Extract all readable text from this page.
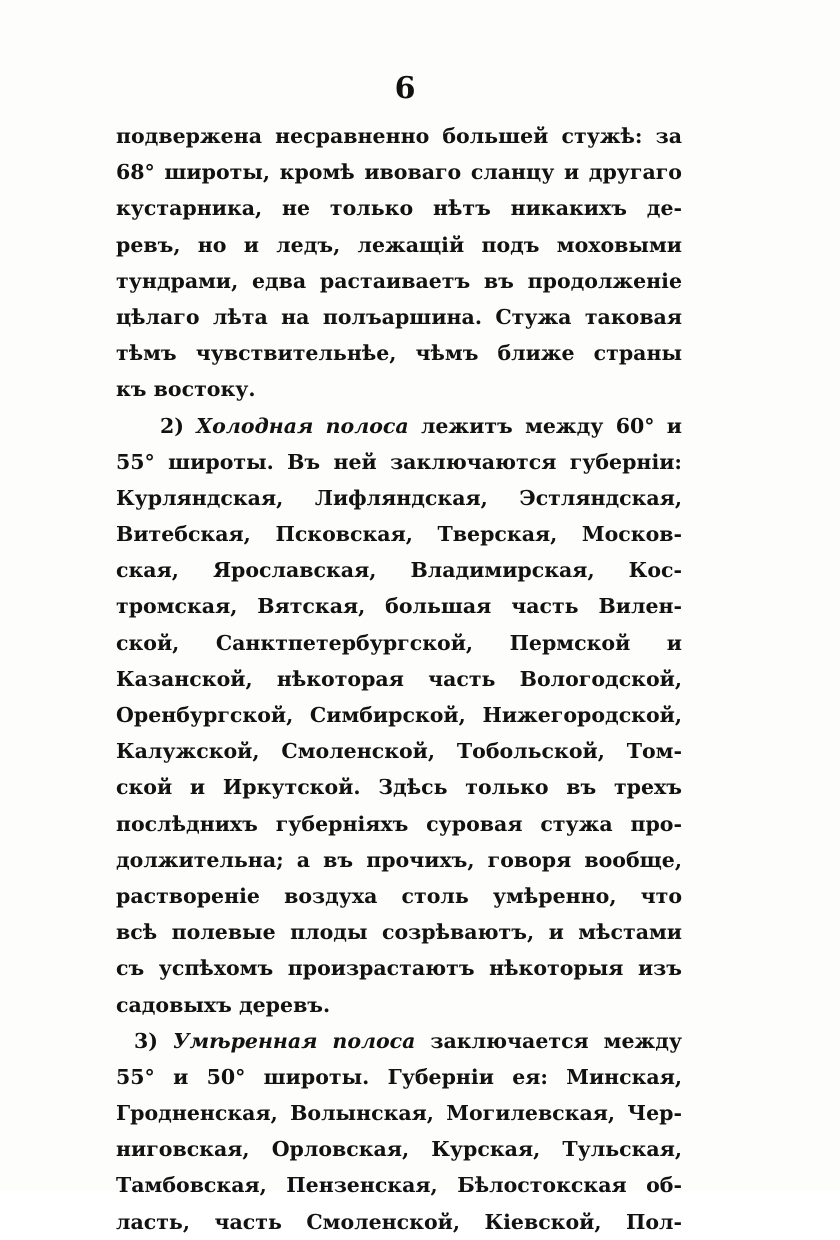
6
подвержена несравненно большей стужѣ: за
68° широты, кромѣ ивоваго сланцу и другаго
кустарника, не только нѣтъ никакихъ де-
ревъ, но и ледъ, лежащій подъ моховыми
тундрами, едва растаиваетъ въ продолженіе
цѣлаго лѣта на полъаршина. Стужа таковая
тѣмъ чувствительнѣе, чѣмъ ближе страны
къ востоку.
2) Холодная полоса лежитъ между 60° и
55° широты. Въ ней заключаются губерніи:
Курляндская, Лифляндская, Эстляндская,
Витебская, Псковская, Тверская, Москов-
ская, Ярославская, Владимирская, Кос-
тромская, Вятская, большая часть Вилен-
ской, Санктпетербургской, Пермской и
Казанской, нѣкоторая часть Вологодской,
Оренбургской, Симбирской, Нижегородской,
Калужской, Смоленской, Тобольской, Том-
ской и Иркутской. Здѣсь только въ трехъ
послѣднихъ губерніяхъ суровая стужа про-
должительна; а въ прочихъ, говоря вообще,
раствореніе воздуха столь умѣренно, что
всѣ полевые плоды созрѣваютъ, и мѣстами
съ успѣхомъ произрастаютъ нѣкоторыя изъ
садовыхъ деревъ.
3) Умѣренная полоса заключается между
55° и 50° широты. Губерніи ея: Минская,
Гродненская, Волынская, Могилевская, Чер-
ниговская, Орловская, Курская, Тульская,
Тамбовская, Пензенская, Бѣлостокская об-
ласть, часть Смоленской, Кіевской, Пол-
